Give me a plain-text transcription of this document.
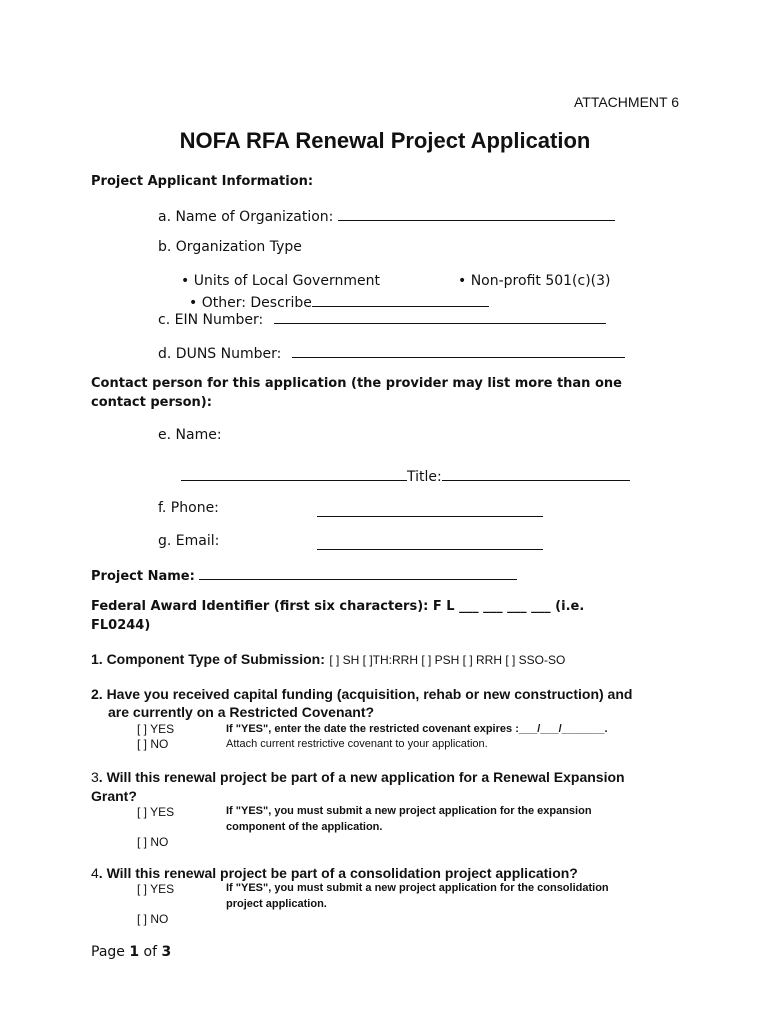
ATTACHMENT 6
NOFA RFA Renewal Project Application
Project Applicant Information:
a. Name of Organization:
b. Organization Type
• Units of Local Government	• Non-profit 501(c)(3)
• Other: Describe
c. EIN Number:
d. DUNS Number:
Contact person for this application (the provider may list more than one
contact person):
e. Name:
Title:
f. Phone:
g. Email:
Project Name:
Federal Award Identifier (first six characters): F L ___ ___ ___ ___ (i.e.
FL0244)
1. Component Type of Submission: [ ] SH [ ]TH:RRH [ ] PSH [ ] RRH [ ] SSO-SO
2. Have you received capital funding (acquisition, rehab or new construction) and
are currently on a Restricted Covenant?
[ ] YES	If "YES", enter the date the restricted covenant expires :___/___/_______.
[ ] NO	Attach current restrictive covenant to your application.
3. Will this renewal project be part of a new application for a Renewal Expansion
Grant?
[ ] YES	If "YES", you must submit a new project application for the expansion
component of the application.
[ ] NO
4. Will this renewal project be part of a consolidation project application?
[ ] YES	If "YES", you must submit a new project application for the consolidation
project application.
[ ] NO
Page 1 of 3
